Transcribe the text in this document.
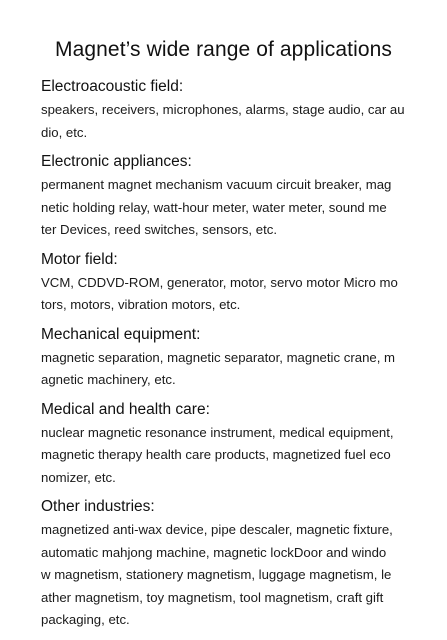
Magnet’s wide range of applications
Electroacoustic field:

speakers, receivers, microphones, alarms, stage audio, car au
dio, etc.

Electronic appliances:

permanent magnet mechanism vacuum circuit breaker, mag
netic holding relay, watt-hour meter, water meter, sound me
ter Devices, reed switches, sensors, etc.

Motor field:

VCM, CDDVD-ROM, generator, motor, servo motor Micro mo
tors, motors, vibration motors, etc.

Mechanical equipment:

magnetic separation, magnetic separator, magnetic crane, m
agnetic machinery, etc.

Medical and health care:

nuclear magnetic resonance instrument, medical equipment,
magnetic therapy health care products, magnetized fuel eco
nomizer, etc.

Other industries:

magnetized anti-wax device, pipe descaler, magnetic fixture,
automatic mahjong machine, magnetic lockDoor and windo
w magnetism, stationery magnetism, luggage magnetism, le
ather magnetism, toy magnetism, tool magnetism, craft gift
packaging, etc.
